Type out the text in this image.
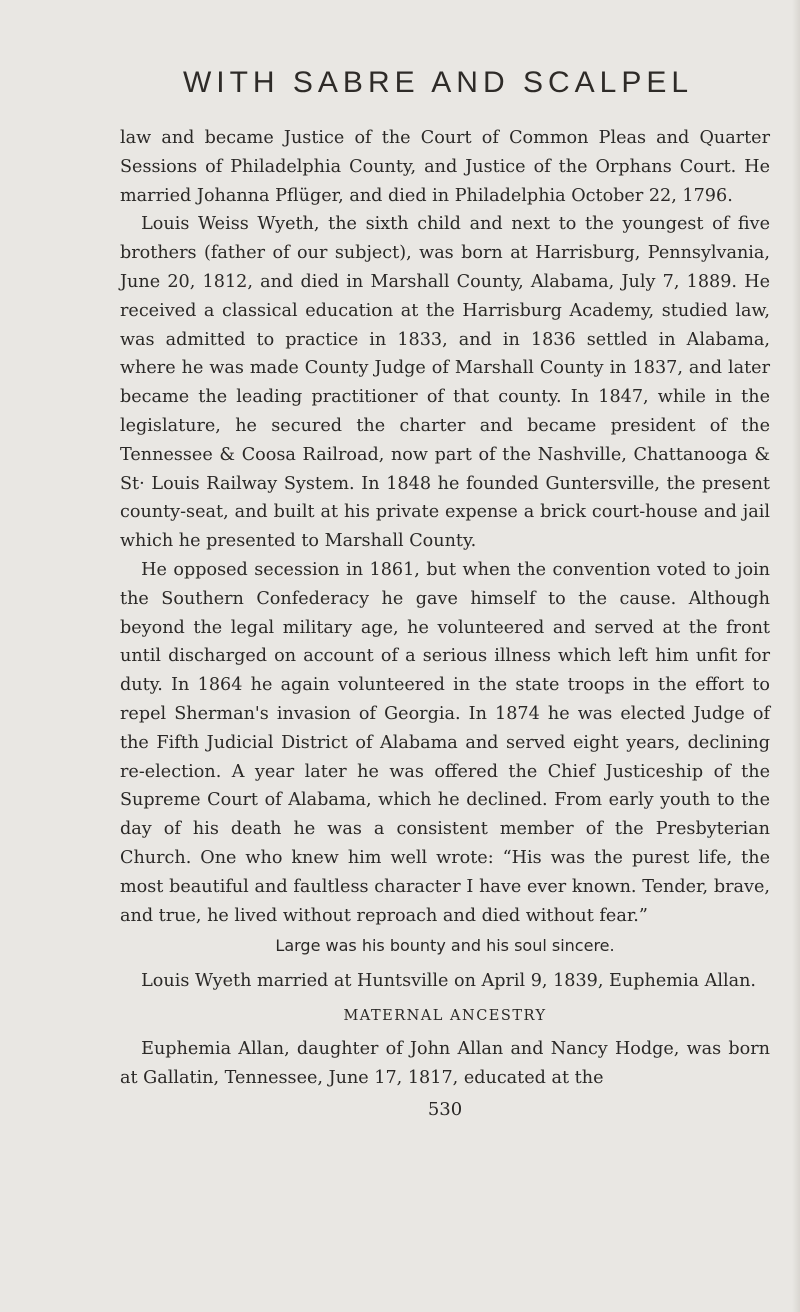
WITH SABRE AND SCALPEL

law and became Justice of the Court of Common Pleas and Quarter Sessions of Philadelphia County, and Justice of the Orphans Court. He married Johanna Pflüger, and died in Philadelphia October 22, 1796.

Louis Weiss Wyeth, the sixth child and next to the youngest of five brothers (father of our subject), was born at Harrisburg, Pennsylvania, June 20, 1812, and died in Marshall County, Alabama, July 7, 1889. He received a classical education at the Harrisburg Academy, studied law, was admitted to practice in 1833, and in 1836 settled in Alabama, where he was made County Judge of Marshall County in 1837, and later became the leading practitioner of that county. In 1847, while in the legislature, he secured the charter and became president of the Tennessee & Coosa Railroad, now part of the Nashville, Chattanooga & St· Louis Railway System. In 1848 he founded Guntersville, the present county-seat, and built at his private expense a brick court-house and jail which he presented to Marshall County.

He opposed secession in 1861, but when the convention voted to join the Southern Confederacy he gave himself to the cause. Although beyond the legal military age, he volunteered and served at the front until discharged on account of a serious illness which left him unfit for duty. In 1864 he again volunteered in the state troops in the effort to repel Sherman's invasion of Georgia. In 1874 he was elected Judge of the Fifth Judicial District of Alabama and served eight years, declining re-election. A year later he was offered the Chief Justiceship of the Supreme Court of Alabama, which he declined. From early youth to the day of his death he was a consistent member of the Presbyterian Church. One who knew him well wrote: “His was the purest life, the most beautiful and faultless character I have ever known. Tender, brave, and true, he lived without reproach and died without fear.”

Large was his bounty and his soul sincere.

Louis Wyeth married at Huntsville on April 9, 1839, Euphemia Allan.

MATERNAL ANCESTRY

Euphemia Allan, daughter of John Allan and Nancy Hodge, was born at Gallatin, Tennessee, June 17, 1817, educated at the

530
